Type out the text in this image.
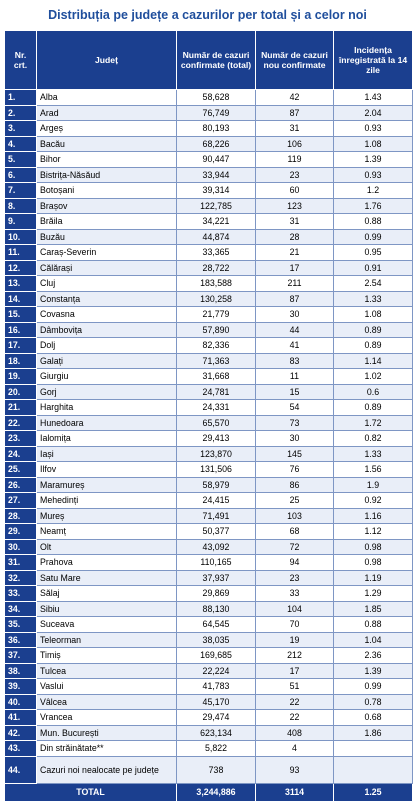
Distribuția pe județe a cazurilor per total și a celor noi
Nr. crt.	Județ	Număr de cazuri confirmate (total)	Număr de cazuri nou confirmate	Incidența înregistrată la 14 zile
1.	Alba	58,628	42	1.43
2.	Arad	76,749	87	2.04
3.	Argeș	80,193	31	0.93
4.	Bacău	68,226	106	1.08
5.	Bihor	90,447	119	1.39
6.	Bistrița-Năsăud	33,944	23	0.93
7.	Botoșani	39,314	60	1.2
8.	Brașov	122,785	123	1.76
9.	Brăila	34,221	31	0.88
10.	Buzău	44,874	28	0.99
11.	Caraș-Severin	33,365	21	0.95
12.	Călărași	28,722	17	0.91
13.	Cluj	183,588	211	2.54
14.	Constanța	130,258	87	1.33
15.	Covasna	21,779	30	1.08
16.	Dâmbovița	57,890	44	0.89
17.	Dolj	82,336	41	0.89
18.	Galați	71,363	83	1.14
19.	Giurgiu	31,668	11	1.02
20.	Gorj	24,781	15	0.6
21.	Harghita	24,331	54	0.89
22.	Hunedoara	65,570	73	1.72
23.	Ialomița	29,413	30	0.82
24.	Iași	123,870	145	1.33
25.	Ilfov	131,506	76	1.56
26.	Maramureș	58,979	86	1.9
27.	Mehedinți	24,415	25	0.92
28.	Mureș	71,491	103	1.16
29.	Neamț	50,377	68	1.12
30.	Olt	43,092	72	0.98
31.	Prahova	110,165	94	0.98
32.	Satu Mare	37,937	23	1.19
33.	Sălaj	29,869	33	1.29
34.	Sibiu	88,130	104	1.85
35.	Suceava	64,545	70	0.88
36.	Teleorman	38,035	19	1.04
37.	Timiș	169,685	212	2.36
38.	Tulcea	22,224	17	1.39
39.	Vaslui	41,783	51	0.99
40.	Vâlcea	45,170	22	0.78
41.	Vrancea	29,474	22	0.68
42.	Mun. București	623,134	408	1.86
43.	Din străinătate**	5,822	4	
44.	Cazuri noi nealocate pe județe	738	93	
TOTAL		3,244,886	3114	1.25
